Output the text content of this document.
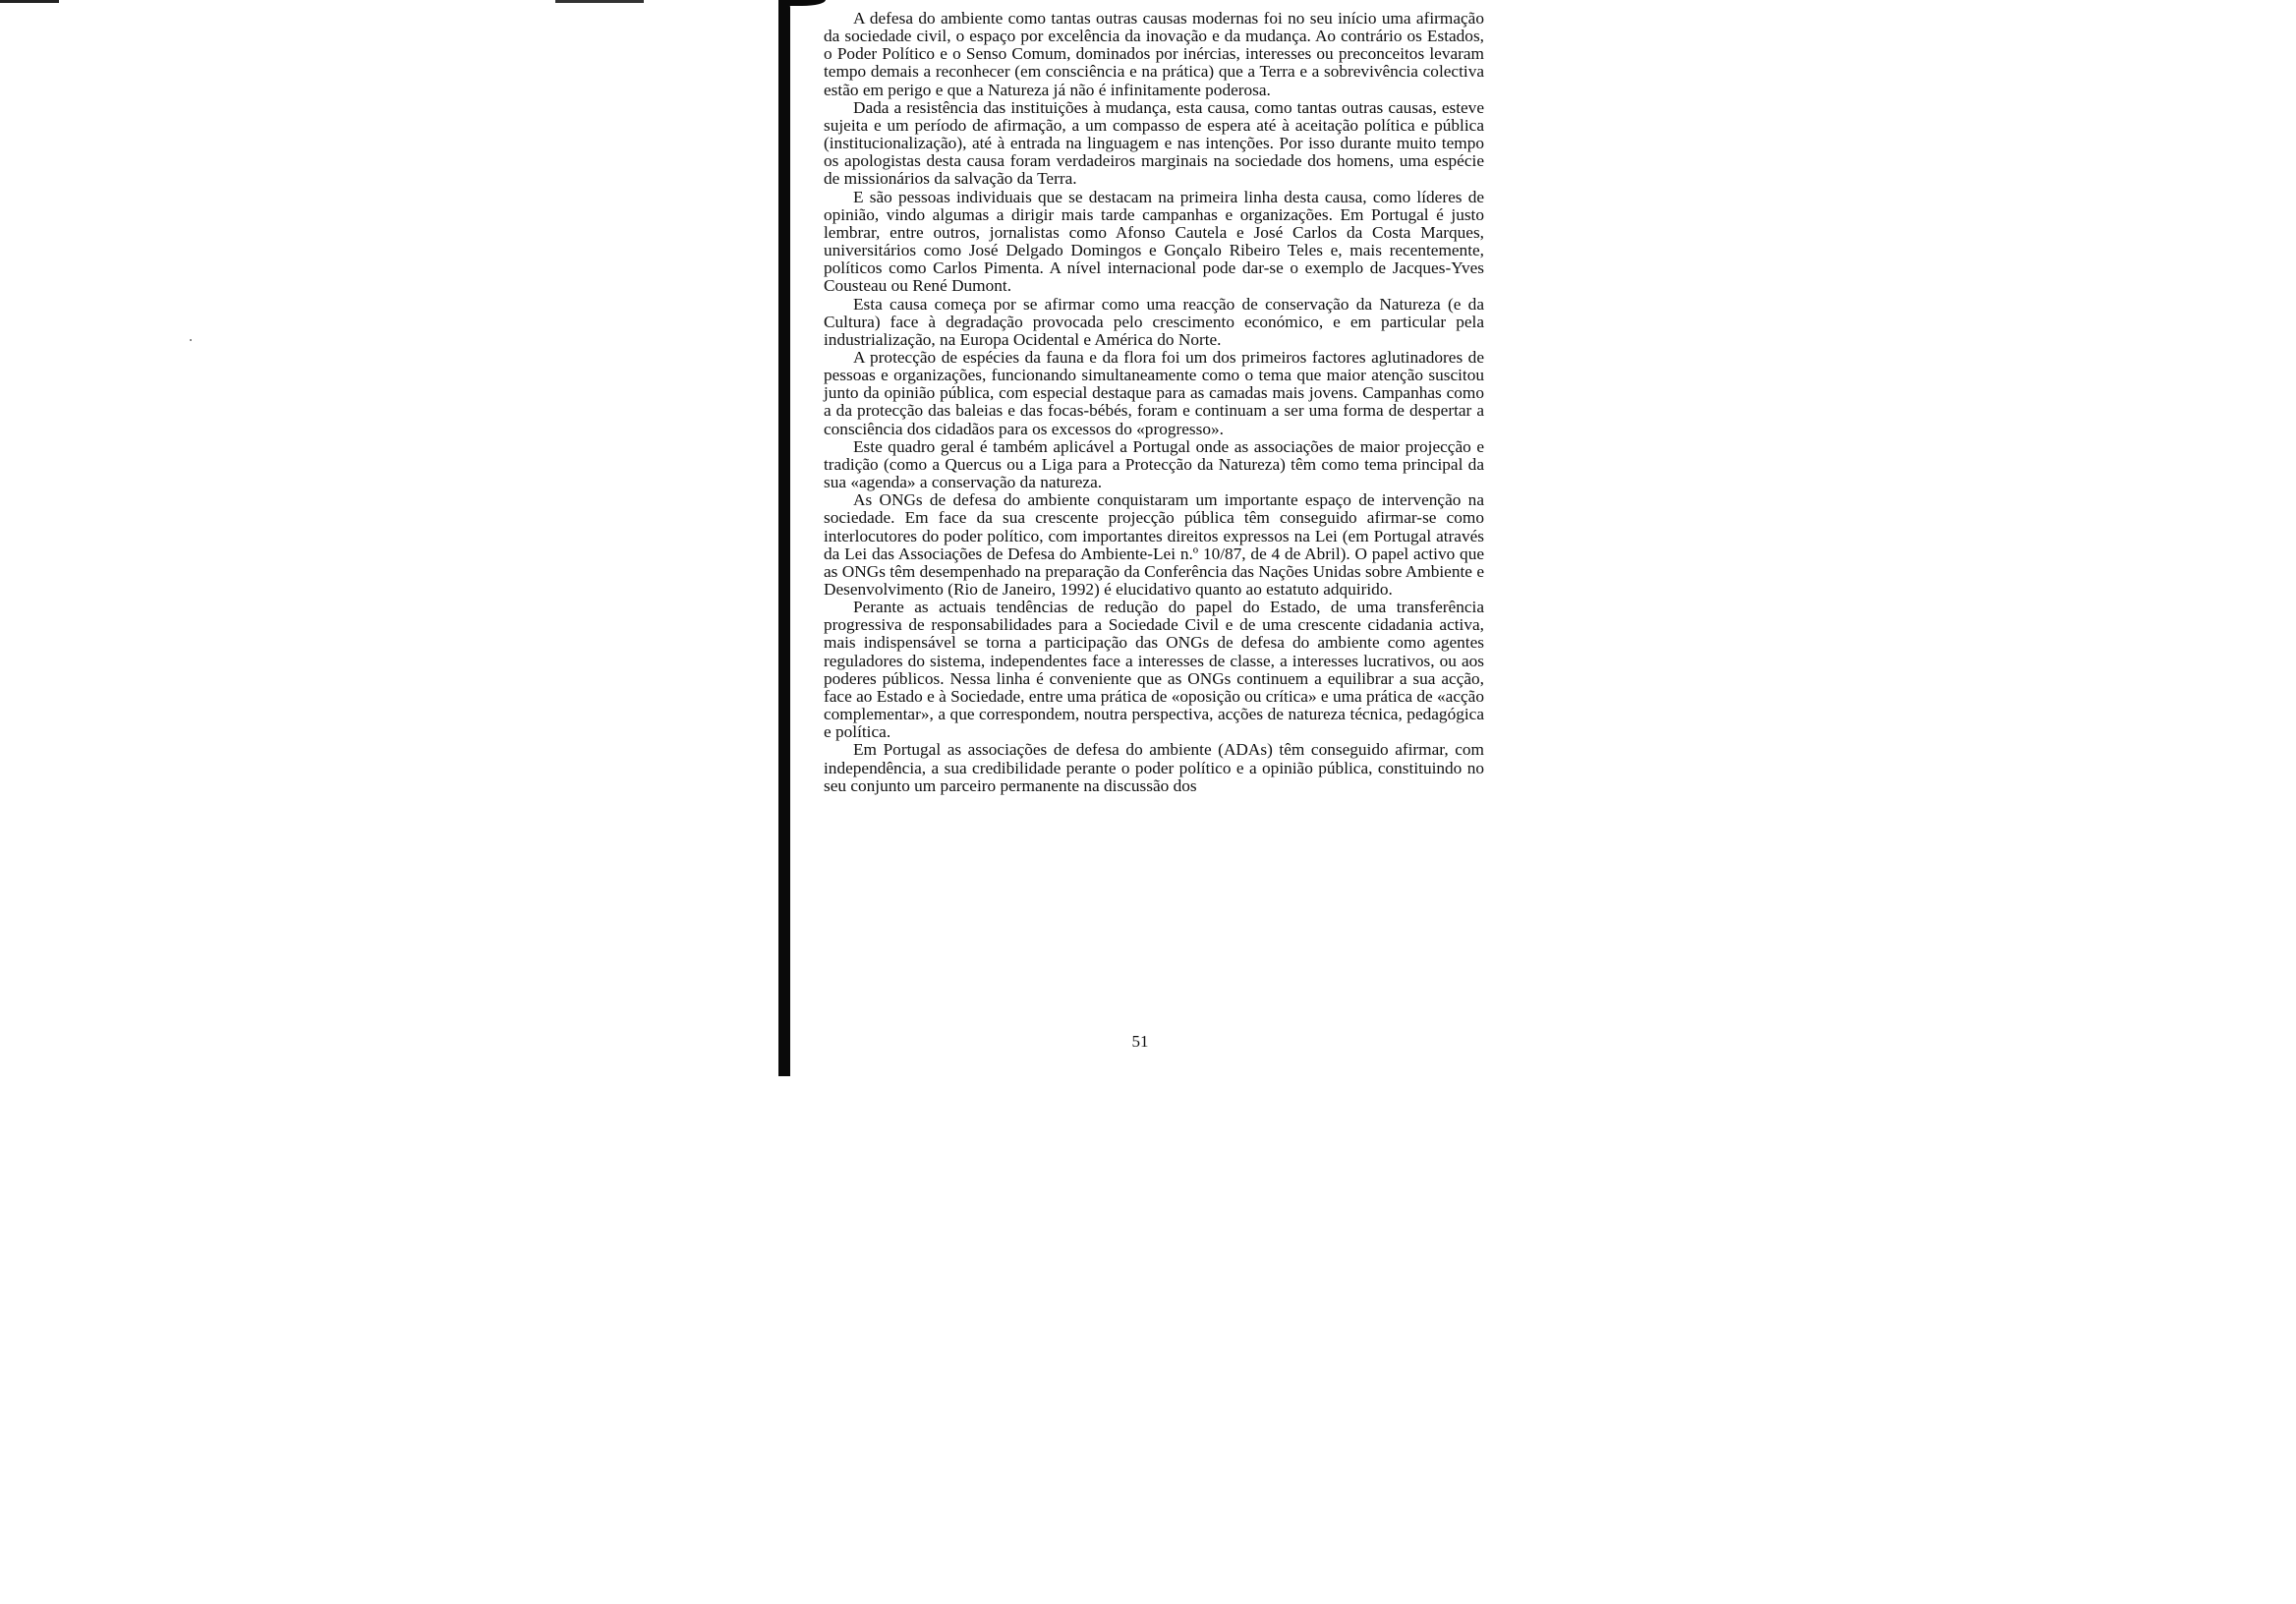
A defesa do ambiente como tantas outras causas modernas foi no seu início uma afirmação da sociedade civil, o espaço por excelência da inovação e da mudança. Ao contrário os Estados, o Poder Político e o Senso Comum, dominados por inércias, interesses ou preconceitos levaram tempo demais a reconhecer (em consciência e na prática) que a Terra e a sobrevivência colectiva estão em perigo e que a Natureza já não é infinitamente poderosa.

Dada a resistência das instituições à mudança, esta causa, como tantas outras causas, esteve sujeita e um período de afirmação, a um compasso de espera até à aceitação política e pública (institucionalização), até à entrada na linguagem e nas intenções. Por isso durante muito tempo os apologistas desta causa foram verdadeiros marginais na sociedade dos homens, uma espécie de missionários da salvação da Terra.

E são pessoas individuais que se destacam na primeira linha desta causa, como líderes de opinião, vindo algumas a dirigir mais tarde campanhas e organizações. Em Portugal é justo lembrar, entre outros, jornalistas como Afonso Cautela e José Carlos da Costa Marques, universitários como José Delgado Domingos e Gonçalo Ribeiro Teles e, mais recentemente, políticos como Carlos Pimenta. A nível internacional pode dar-se o exemplo de Jacques-Yves Cousteau ou René Dumont.

Esta causa começa por se afirmar como uma reacção de conservação da Natureza (e da Cultura) face à degradação provocada pelo crescimento económico, e em particular pela industrialização, na Europa Ocidental e América do Norte.

A protecção de espécies da fauna e da flora foi um dos primeiros factores aglutinadores de pessoas e organizações, funcionando simultaneamente como o tema que maior atenção suscitou junto da opinião pública, com especial destaque para as camadas mais jovens. Campanhas como a da protecção das baleias e das focas-bébés, foram e continuam a ser uma forma de despertar a consciência dos cidadãos para os excessos do «progresso».

Este quadro geral é também aplicável a Portugal onde as associações de maior projecção e tradição (como a Quercus ou a Liga para a Protecção da Natureza) têm como tema principal da sua «agenda» a conservação da natureza.

As ONGs de defesa do ambiente conquistaram um importante espaço de intervenção na sociedade. Em face da sua crescente projecção pública têm conseguido afirmar-se como interlocutores do poder político, com importantes direitos expressos na Lei (em Portugal através da Lei das Associações de Defesa do Ambiente-Lei n.º 10/87, de 4 de Abril). O papel activo que as ONGs têm desempenhado na preparação da Conferência das Nações Unidas sobre Ambiente e Desenvolvimento (Rio de Janeiro, 1992) é elucidativo quanto ao estatuto adquirido.

Perante as actuais tendências de redução do papel do Estado, de uma transferência progressiva de responsabilidades para a Sociedade Civil e de uma crescente cidadania activa, mais indispensável se torna a participação das ONGs de defesa do ambiente como agentes reguladores do sistema, independentes face a interesses de classe, a interesses lucrativos, ou aos poderes públicos. Nessa linha é conveniente que as ONGs continuem a equilibrar a sua acção, face ao Estado e à Sociedade, entre uma prática de «oposição ou crítica» e uma prática de «acção complementar», a que correspondem, noutra perspectiva, acções de natureza técnica, pedagógica e política.

Em Portugal as associações de defesa do ambiente (ADAs) têm conseguido afirmar, com independência, a sua credibilidade perante o poder político e a opinião pública, constituindo no seu conjunto um parceiro permanente na discussão dos

51
